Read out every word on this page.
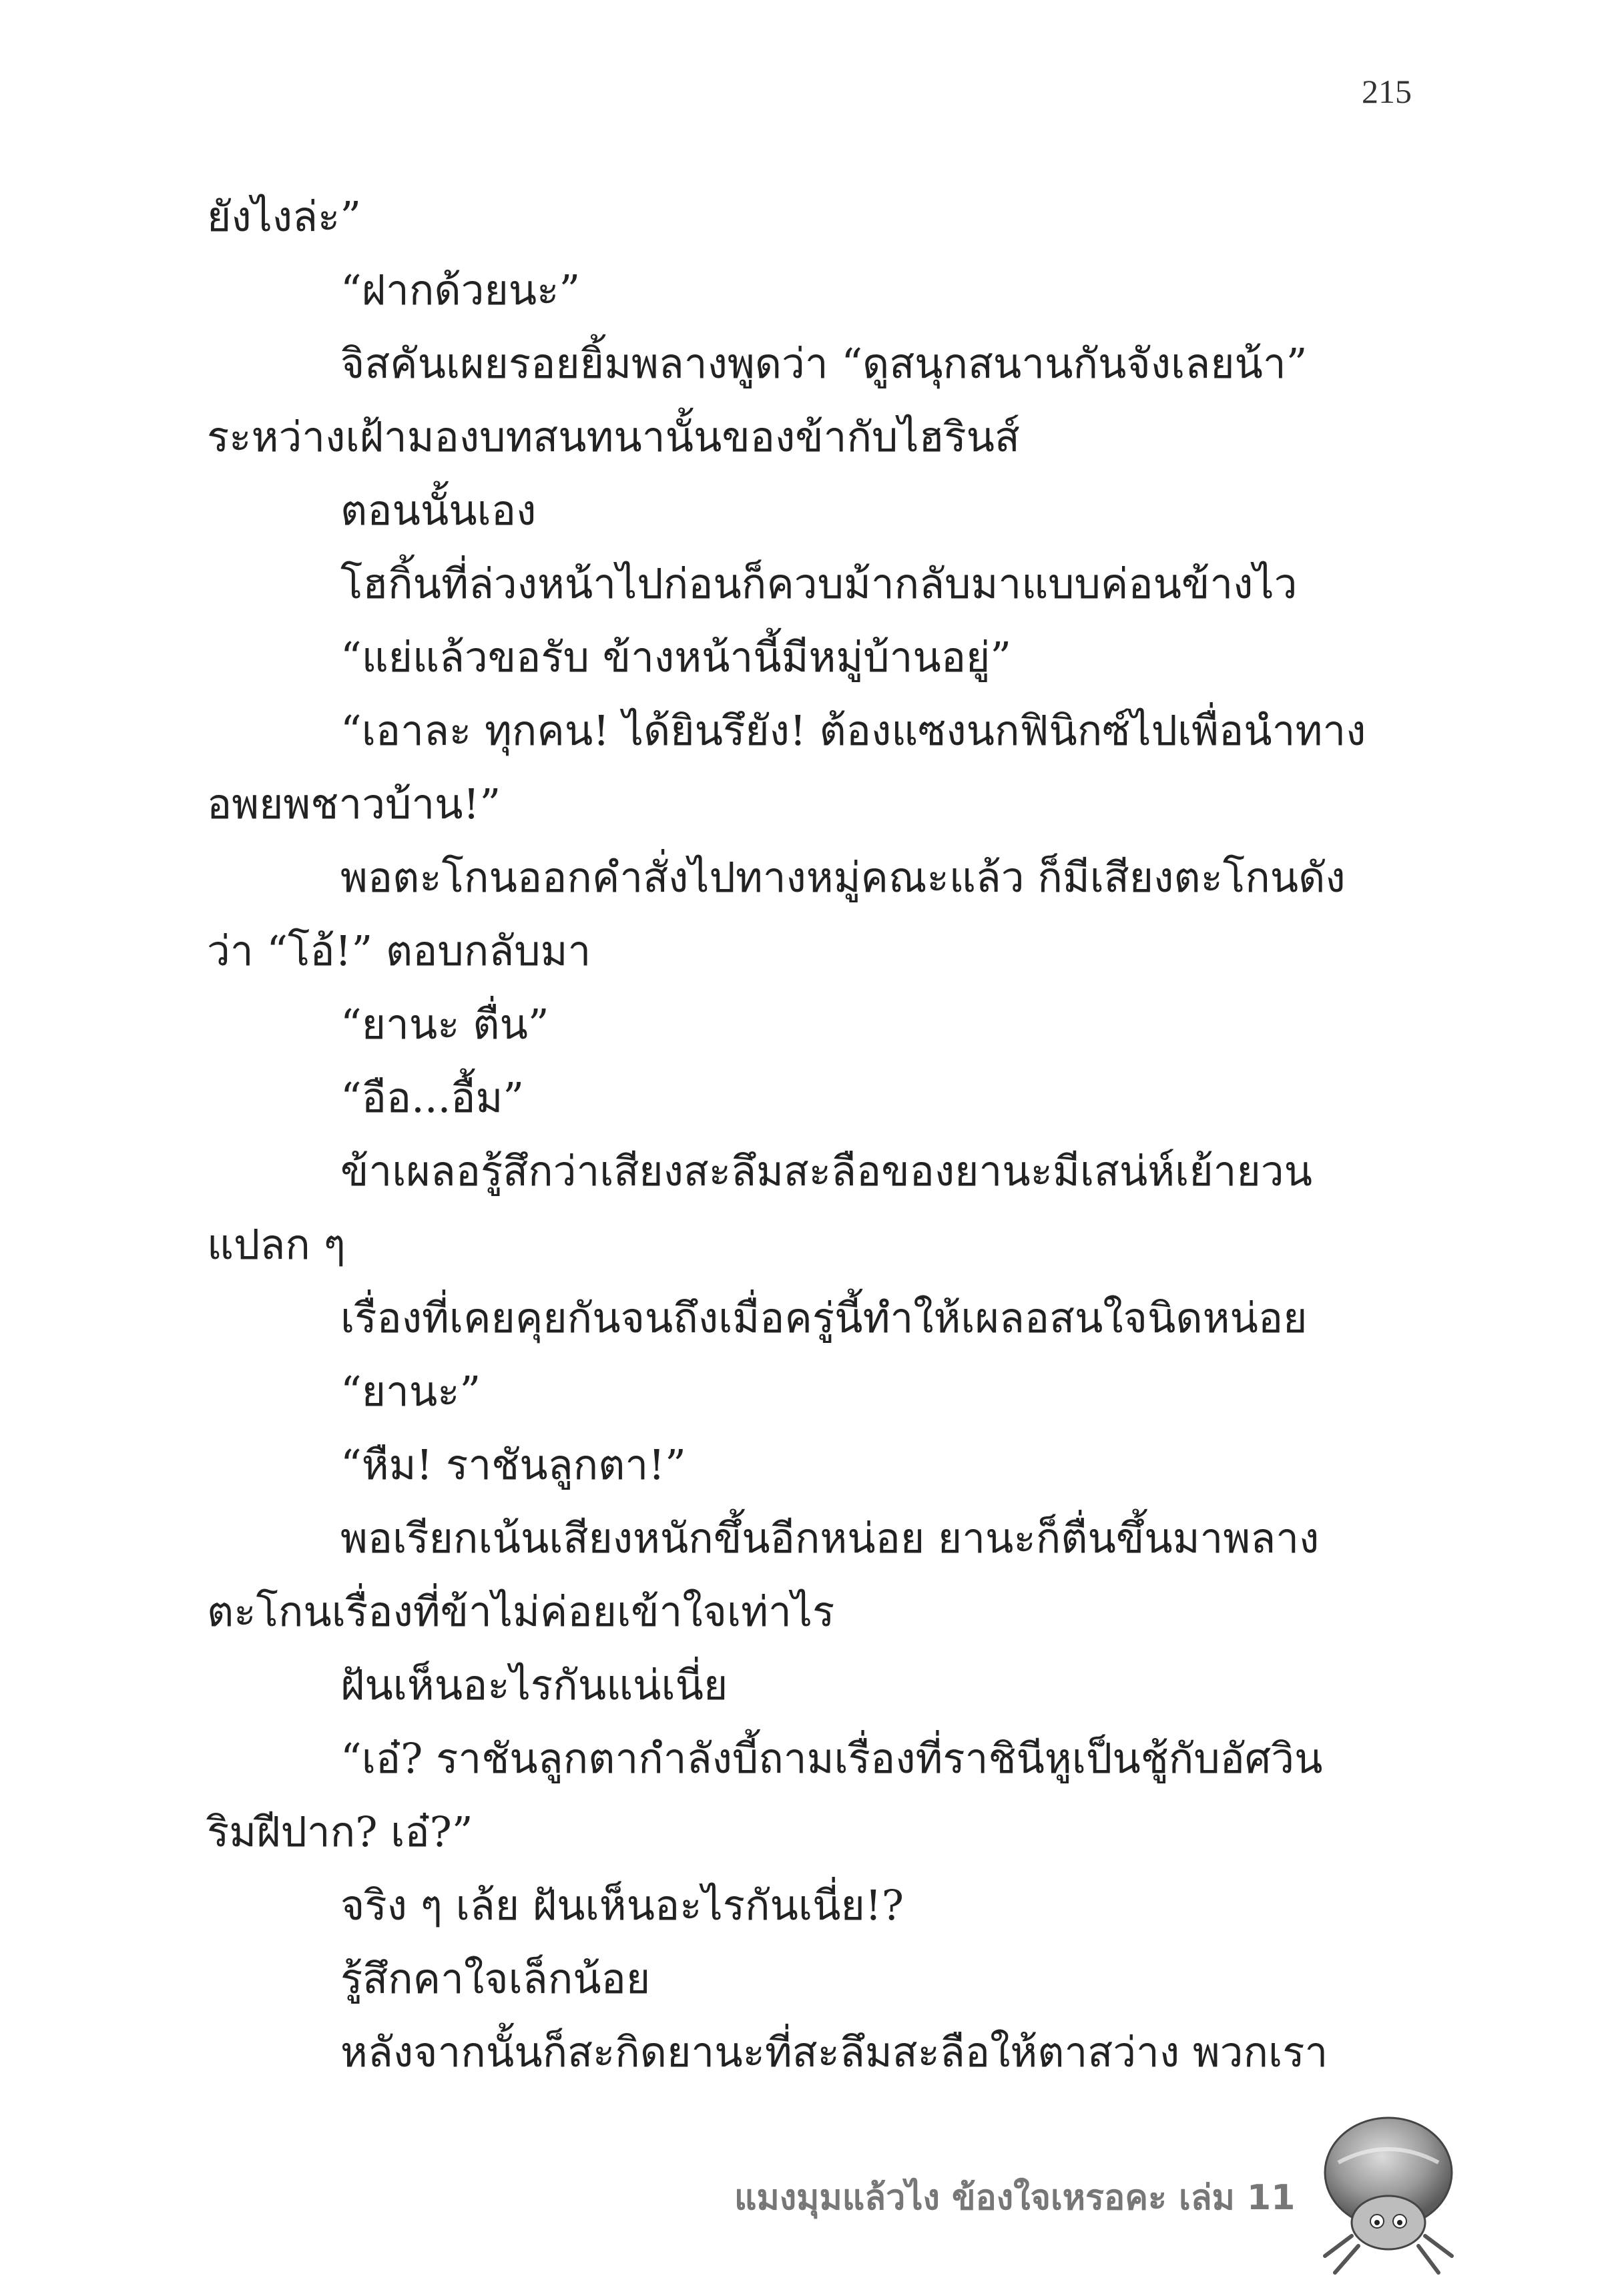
215
ยังไงล่ะ”
“ฝากด้วยนะ”
จิสคันเผยรอยยิ้มพลางพูดว่า “ดูสนุกสนานกันจังเลยน้า”
ระหว่างเฝ้ามองบทสนทนานั้นของข้ากับไฮรินส์
ตอนนั้นเอง
โฮกิ้นที่ล่วงหน้าไปก่อนก็ควบม้ากลับมาแบบค่อนข้างไว
“แย่แล้วขอรับ ข้างหน้านี้มีหมู่บ้านอยู่”
“เอาละ ทุกคน! ได้ยินรึยัง! ต้องแซงนกฟินิกซ์ไปเพื่อนำทาง
อพยพชาวบ้าน!”
พอตะโกนออกคำสั่งไปทางหมู่คณะแล้ว ก็มีเสียงตะโกนดัง
ว่า “โอ้!” ตอบกลับมา
“ยานะ ตื่น”
“อือ...อื้ม”
ข้าเผลอรู้สึกว่าเสียงสะลึมสะลือของยานะมีเสน่ห์เย้ายวน
แปลก ๆ
เรื่องที่เคยคุยกันจนถึงเมื่อครู่นี้ทำให้เผลอสนใจนิดหน่อย
“ยานะ”
“หืม! ราชันลูกตา!”
พอเรียกเน้นเสียงหนักขึ้นอีกหน่อย ยานะก็ตื่นขึ้นมาพลาง
ตะโกนเรื่องที่ข้าไม่ค่อยเข้าใจเท่าไร
ฝันเห็นอะไรกันแน่เนี่ย
“เอ๋? ราชันลูกตากำลังบี้ถามเรื่องที่ราชินีหูเป็นชู้กับอัศวิน
ริมฝีปาก? เอ๋?”
จริง ๆ เล้ย ฝันเห็นอะไรกันเนี่ย!?
รู้สึกคาใจเล็กน้อย
หลังจากนั้นก็สะกิดยานะที่สะลึมสะลือให้ตาสว่าง พวกเรา
แมงมุมแล้วไง ข้องใจเหรอคะ เล่ม 11
